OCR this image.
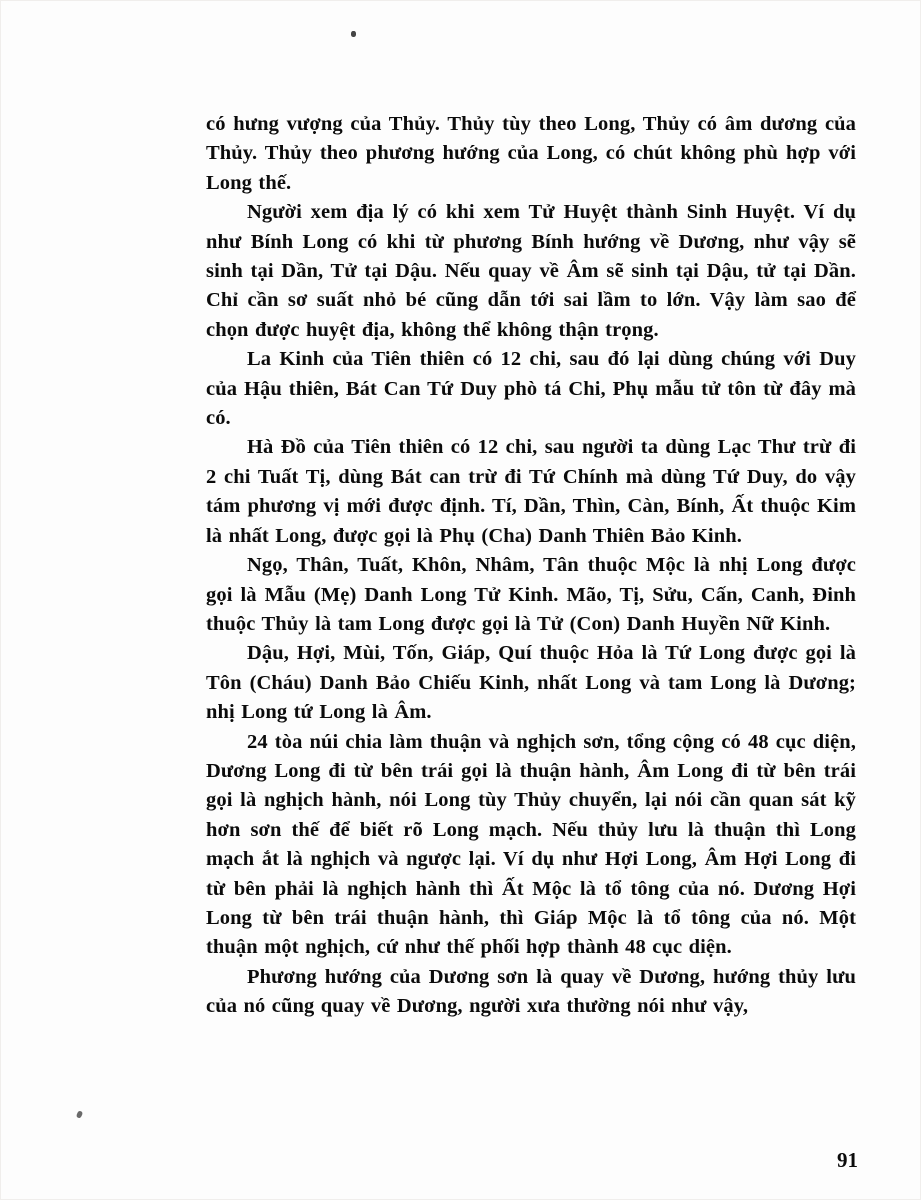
có hưng vượng của Thủy. Thủy tùy theo Long, Thủy có âm dương của Thủy. Thủy theo phương hướng của Long, có chút không phù hợp với Long thế.

Người xem địa lý có khi xem Tử Huyệt thành Sinh Huyệt. Ví dụ như Bính Long có khi từ phương Bính hướng về Dương, như vậy sẽ sinh tại Dần, Tử tại Dậu. Nếu quay về Âm sẽ sinh tại Dậu, tử tại Dần. Chỉ cần sơ suất nhỏ bé cũng dẫn tới sai lầm to lớn. Vậy làm sao để chọn được huyệt địa, không thể không thận trọng.

La Kinh của Tiên thiên có 12 chi, sau đó lại dùng chúng với Duy của Hậu thiên, Bát Can Tứ Duy phò tá Chi, Phụ mẫu tử tôn từ đây mà có.

Hà Đồ của Tiên thiên có 12 chi, sau người ta dùng Lạc Thư trừ đi 2 chi Tuất Tị, dùng Bát can trừ đi Tứ Chính mà dùng Tứ Duy, do vậy tám phương vị mới được định. Tí, Dần, Thìn, Càn, Bính, Ất thuộc Kim là nhất Long, được gọi là Phụ (Cha) Danh Thiên Bảo Kinh.

Ngọ, Thân, Tuất, Khôn, Nhâm, Tân thuộc Mộc là nhị Long được gọi là Mẫu (Mẹ) Danh Long Tử Kinh. Mão, Tị, Sửu, Cấn, Canh, Đinh thuộc Thủy là tam Long được gọi là Tử (Con) Danh Huyền Nữ Kinh.

Dậu, Hợi, Mùi, Tốn, Giáp, Quí thuộc Hỏa là Tứ Long được gọi là Tôn (Cháu) Danh Bảo Chiếu Kinh, nhất Long và tam Long là Dương; nhị Long tứ Long là Âm.

24 tòa núi chia làm thuận và nghịch sơn, tổng cộng có 48 cục diện, Dương Long đi từ bên trái gọi là thuận hành, Âm Long đi từ bên trái gọi là nghịch hành, nói Long tùy Thủy chuyển, lại nói cần quan sát kỹ hơn sơn thế để biết rõ Long mạch. Nếu thủy lưu là thuận thì Long mạch ắt là nghịch và ngược lại. Ví dụ như Hợi Long, Âm Hợi Long đi từ bên phải là nghịch hành thì Ất Mộc là tổ tông của nó. Dương Hợi Long từ bên trái thuận hành, thì Giáp Mộc là tổ tông của nó. Một thuận một nghịch, cứ như thế phối hợp thành 48 cục diện.

Phương hướng của Dương sơn là quay về Dương, hướng thủy lưu của nó cũng quay về Dương, người xưa thường nói như vậy,

91
